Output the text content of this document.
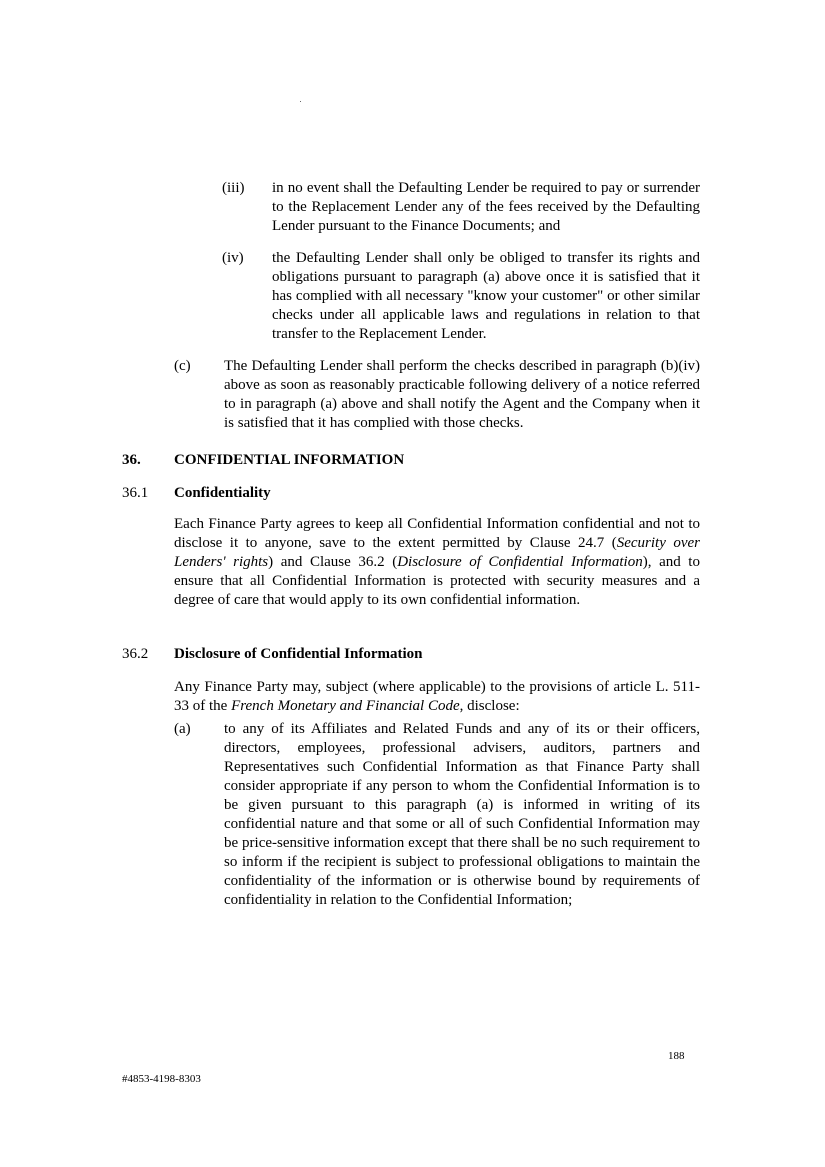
(iii) in no event shall the Defaulting Lender be required to pay or surrender to the Replacement Lender any of the fees received by the Defaulting Lender pursuant to the Finance Documents; and
(iv) the Defaulting Lender shall only be obliged to transfer its rights and obligations pursuant to paragraph (a) above once it is satisfied that it has complied with all necessary "know your customer" or other similar checks under all applicable laws and regulations in relation to that transfer to the Replacement Lender.
(c) The Defaulting Lender shall perform the checks described in paragraph (b)(iv) above as soon as reasonably practicable following delivery of a notice referred to in paragraph (a) above and shall notify the Agent and the Company when it is satisfied that it has complied with those checks.
36. CONFIDENTIAL INFORMATION
36.1 Confidentiality
Each Finance Party agrees to keep all Confidential Information confidential and not to disclose it to anyone, save to the extent permitted by Clause 24.7 (Security over Lenders' rights) and Clause 36.2 (Disclosure of Confidential Information), and to ensure that all Confidential Information is protected with security measures and a degree of care that would apply to its own confidential information.
36.2 Disclosure of Confidential Information
Any Finance Party may, subject (where applicable) to the provisions of article L. 511-33 of the French Monetary and Financial Code, disclose:
(a) to any of its Affiliates and Related Funds and any of its or their officers, directors, employees, professional advisers, auditors, partners and Representatives such Confidential Information as that Finance Party shall consider appropriate if any person to whom the Confidential Information is to be given pursuant to this paragraph (a) is informed in writing of its confidential nature and that some or all of such Confidential Information may be price-sensitive information except that there shall be no such requirement to so inform if the recipient is subject to professional obligations to maintain the confidentiality of the information or is otherwise bound by requirements of confidentiality in relation to the Confidential Information;
188
#4853-4198-8303
